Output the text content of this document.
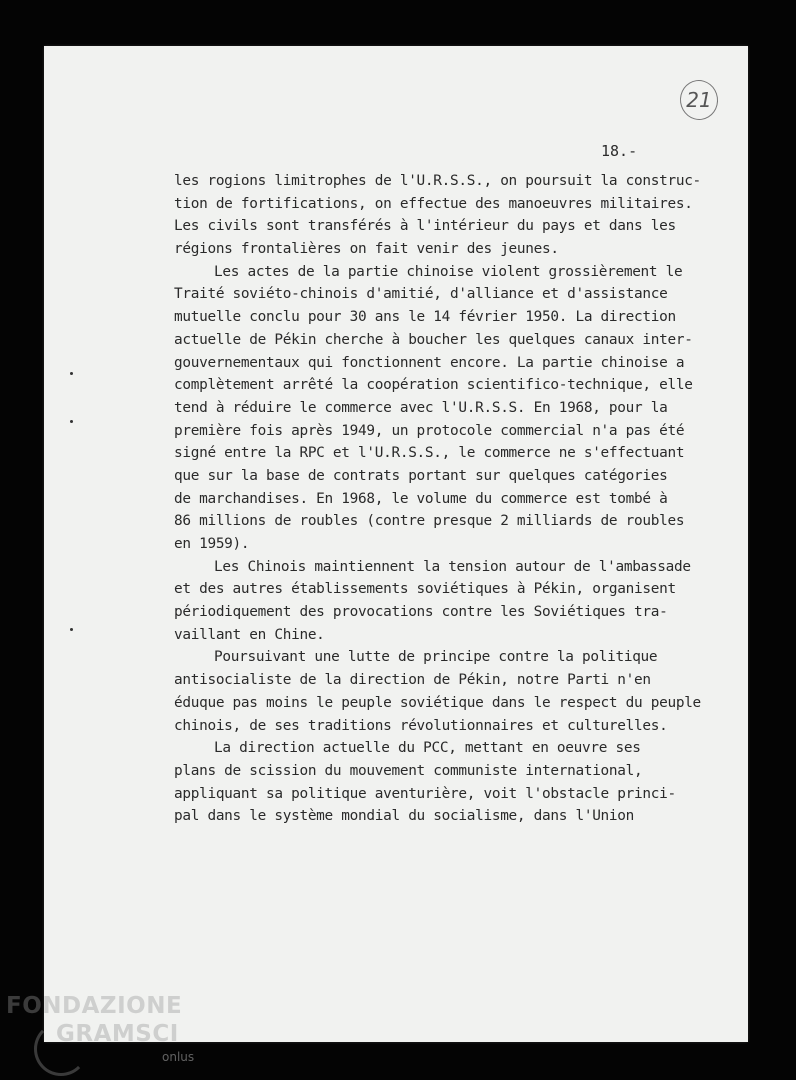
21
18.-
les rogions limitrophes de l'U.R.S.S., on poursuit la construc-
tion de fortifications, on effectue des manoeuvres militaires.
Les civils sont transférés à l'intérieur du pays et dans les
régions frontalières on fait venir des jeunes.
Les actes de la partie chinoise violent grossièrement le
Traité soviéto-chinois d'amitié, d'alliance et d'assistance
mutuelle conclu pour 30 ans le 14 février 1950. La direction
actuelle de Pékin cherche à boucher les quelques canaux inter-
gouvernementaux qui fonctionnent encore. La partie chinoise a
complètement arrêté la coopération scientifico-technique, elle
tend à réduire le commerce avec l'U.R.S.S. En 1968, pour la
première fois après 1949, un protocole commercial n'a pas été
signé entre la RPC et l'U.R.S.S., le commerce ne s'effectuant
que sur la base de contrats portant sur quelques catégories
de marchandises. En 1968, le volume du commerce est tombé à
86 millions de roubles (contre presque 2 milliards de roubles
en 1959).
Les Chinois maintiennent la tension autour de l'ambassade
et des autres établissements soviétiques à Pékin, organisent
périodiquement des provocations contre les Soviétiques tra-
vaillant en Chine.
Poursuivant une lutte de principe contre la politique
antisocialiste de la direction de Pékin, notre Parti n'en
éduque pas moins le peuple soviétique dans le respect du peuple
chinois, de ses traditions révolutionnaires et culturelles.
La direction actuelle du PCC, mettant en oeuvre ses
plans de scission du mouvement communiste international,
appliquant sa politique aventurière, voit l'obstacle princi-
pal dans le système mondial du socialisme, dans l'Union
FONDAZIONE
GRAMSCI
onlus
